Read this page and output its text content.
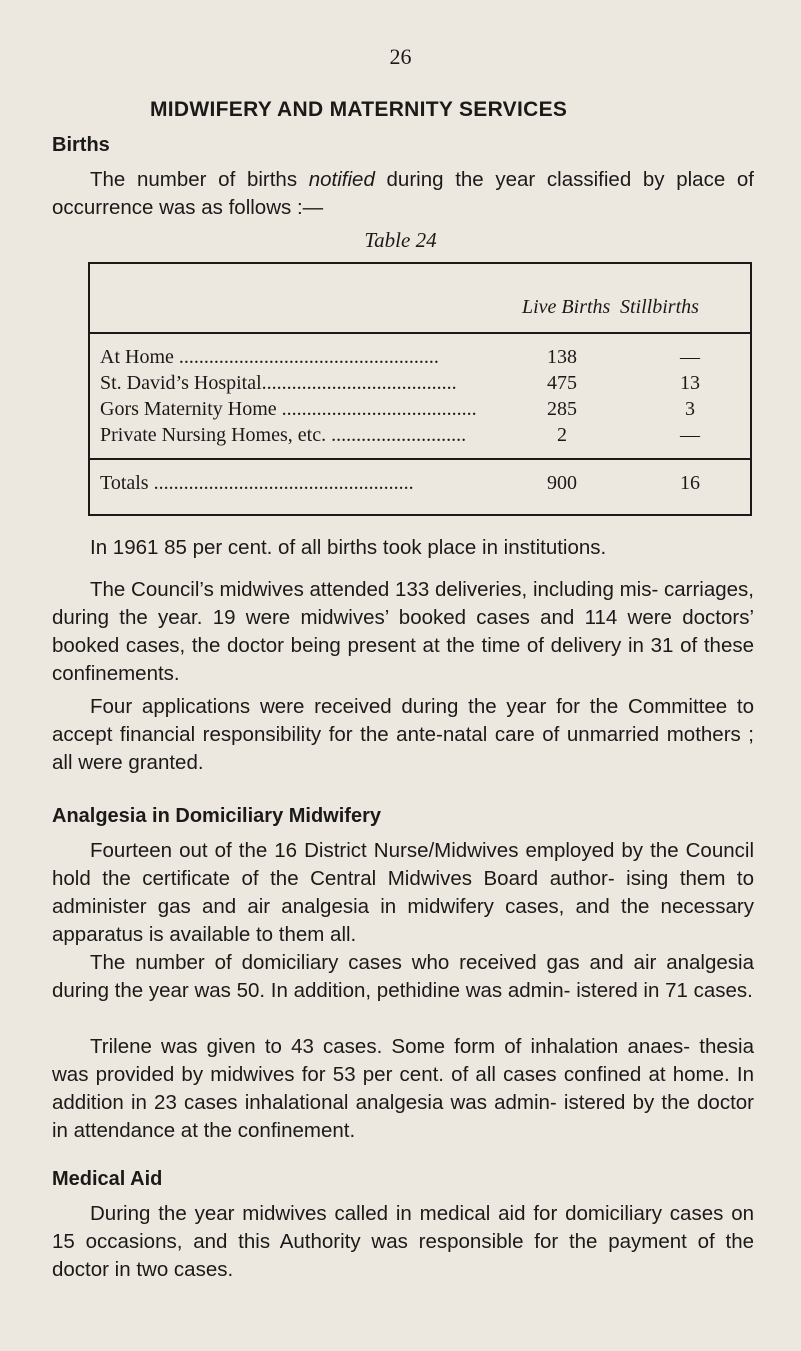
26
MIDWIFERY AND MATERNITY SERVICES
Births
The number of births notified during the year classified by place of occurrence was as follows :—
Table 24
Live Births Stillbirths
At Home ....................................................	138	—
St. David’s Hospital.......................................	475	13
Gors Maternity Home .......................................	285	3
Private Nursing Homes, etc. ...........................	2	—
Totals ....................................................	900	16
In 1961 85 per cent. of all births took place in institutions.
The Council’s midwives attended 133 deliveries, including mis- carriages, during the year. 19 were midwives’ booked cases and 114 were doctors’ booked cases, the doctor being present at the time of delivery in 31 of these confinements.
Four applications were received during the year for the Committee to accept financial responsibility for the ante-natal care of unmarried mothers ; all were granted.
Analgesia in Domiciliary Midwifery
Fourteen out of the 16 District Nurse/Midwives employed by the Council hold the certificate of the Central Midwives Board author- ising them to administer gas and air analgesia in midwifery cases, and the necessary apparatus is available to them all.
The number of domiciliary cases who received gas and air analgesia during the year was 50. In addition, pethidine was admin- istered in 71 cases.
Trilene was given to 43 cases. Some form of inhalation anaes- thesia was provided by midwives for 53 per cent. of all cases confined at home. In addition in 23 cases inhalational analgesia was admin- istered by the doctor in attendance at the confinement.
Medical Aid
During the year midwives called in medical aid for domiciliary cases on 15 occasions, and this Authority was responsible for the payment of the doctor in two cases.
